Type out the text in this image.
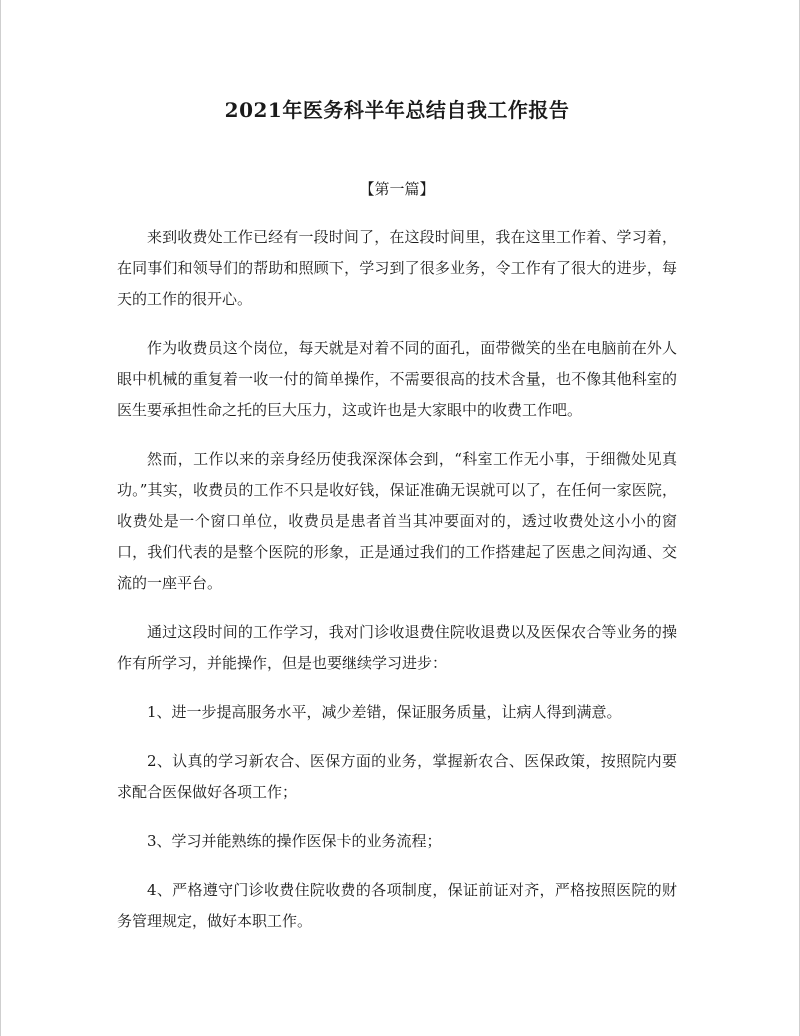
2021年医务科半年总结自我工作报告
【第一篇】

来到收费处工作已经有一段时间了，在这段时间里，我在这里工作着、学习着，在同事们和领导们的帮助和照顾下，学习到了很多业务，令工作有了很大的进步，每天的工作的很开心。

作为收费员这个岗位，每天就是对着不同的面孔，面带微笑的坐在电脑前在外人眼中机械的重复着一收一付的简单操作，不需要很高的技术含量，也不像其他科室的医生要承担性命之托的巨大压力，这或许也是大家眼中的收费工作吧。

然而，工作以来的亲身经历使我深深体会到，“科室工作无小事，于细微处见真功。”其实，收费员的工作不只是收好钱，保证准确无误就可以了，在任何一家医院，收费处是一个窗口单位，收费员是患者首当其冲要面对的，透过收费处这小小的窗口，我们代表的是整个医院的形象，正是通过我们的工作搭建起了医患之间沟通、交流的一座平台。

通过这段时间的工作学习，我对门诊收退费住院收退费以及医保农合等业务的操作有所学习，并能操作，但是也要继续学习进步：

1、进一步提高服务水平，减少差错，保证服务质量，让病人得到满意。

2、认真的学习新农合、医保方面的业务，掌握新农合、医保政策，按照院内要求配合医保做好各项工作；

3、学习并能熟练的操作医保卡的业务流程；

4、严格遵守门诊收费住院收费的各项制度，保证前证对齐，严格按照医院的财务管理规定，做好本职工作。
